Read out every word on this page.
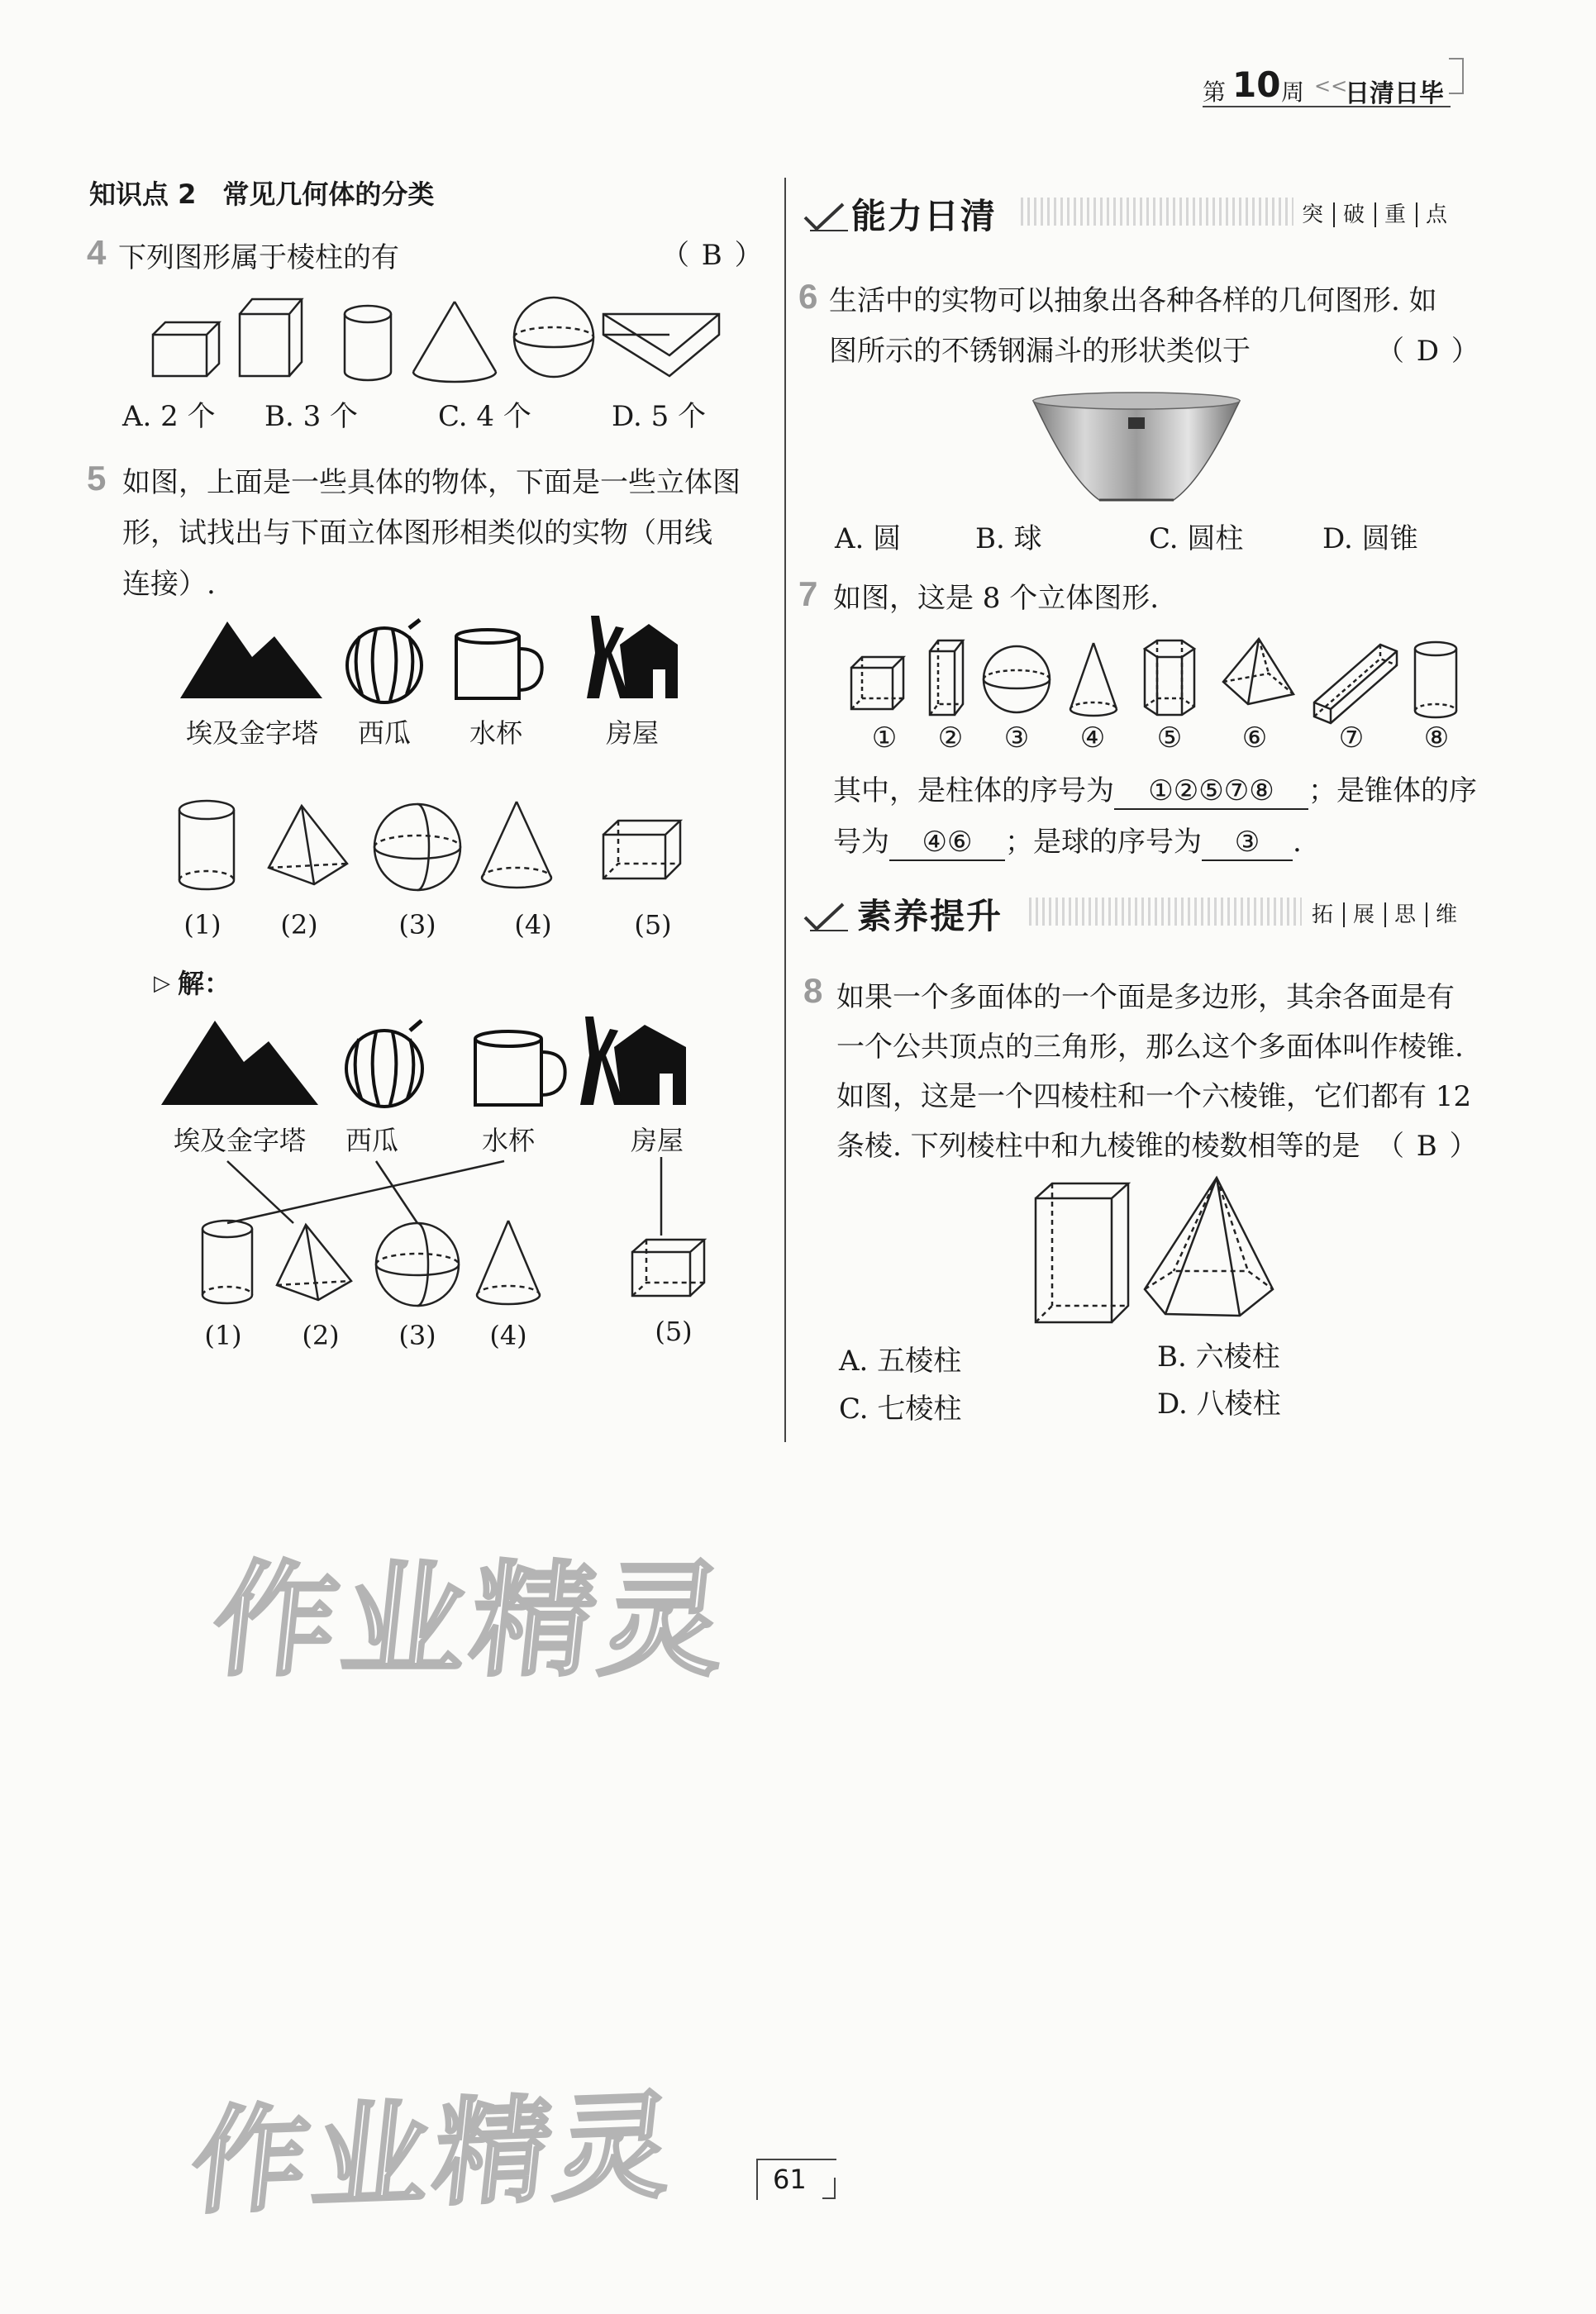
第 10 周 <<
日清日毕
知识点 2　常见几何体的分类
4 下列图形属于棱柱的有	（ B ）
A. 2 个 B. 3 个	C. 4 个	D. 5 个
5 如图，上面是一些具体的物体，下面是一些立体图
形，试找出与下面立体图形相类似的实物（用线
连接）.
埃及金字塔	西瓜	水杯	房屋
(1)	(2)	(3)	(4)	(5)
▷ 解：
埃及金字塔	西瓜	水杯	房屋
(1)	(2)	(3)	(4)	(5)
能力日清	突 破 重 点
6 生活中的实物可以抽象出各种各样的几何图形. 如
图所示的不锈钢漏斗的形状类似于	（ D ）
A. 圆	B. 球	C. 圆柱	D. 圆锥
7 如图，这是 8 个立体图形.
①	②	③	④	⑤	⑥	⑦	⑧
其中，是柱体的序号为 ①②⑤⑦⑧ ；是锥体的序
号为 ④⑥ ；是球的序号为 ③ .
素养提升	拓 展 思 维
8 如果一个多面体的一个面是多边形，其余各面是有
一个公共顶点的三角形，那么这个多面体叫作棱锥.
如图，这是一个四棱柱和一个六棱锥，它们都有 12
条棱. 下列棱柱中和九棱锥的棱数相等的是 （ B ）
A. 五棱柱	B. 六棱柱
C. 七棱柱	D. 八棱柱
作业精灵
作业精灵	61
